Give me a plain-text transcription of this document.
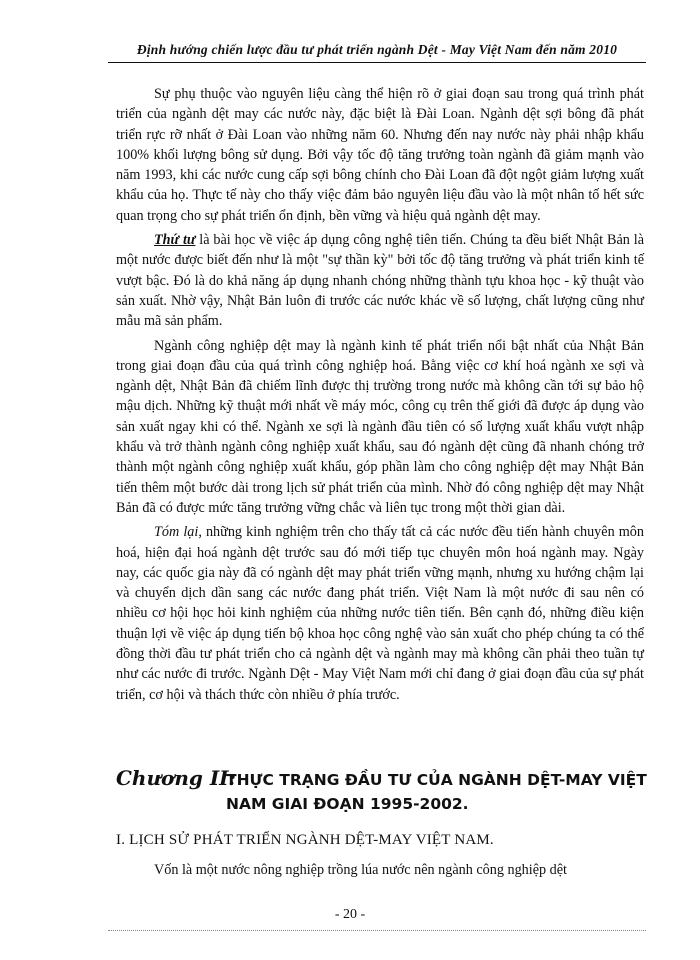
Định hướng chiến lược đầu tư phát triển ngành Dệt - May Việt Nam đến năm 2010

Sự phụ thuộc vào nguyên liệu càng thể hiện rõ ở giai đoạn sau trong quá trình phát triển của ngành dệt may các nước này, đặc biệt là Đài Loan. Ngành dệt sợi bông đã phát triển rực rỡ nhất ở Đài Loan vào những năm 60. Nhưng đến nay nước này phải nhập khẩu 100% khối lượng bông sử dụng. Bởi vậy tốc độ tăng trưởng toàn ngành đã giảm mạnh vào năm 1993, khi các nước cung cấp sợi bông chính cho Đài Loan đã đột ngột giảm lượng xuất khẩu của họ. Thực tế này cho thấy việc đảm bảo nguyên liệu đầu vào là một nhân tố hết sức quan trọng cho sự phát triển ổn định, bền vững và hiệu quả ngành dệt may.

Thứ tư là bài học về việc áp dụng công nghệ tiên tiến. Chúng ta đều biết Nhật Bản là một nước được biết đến như là một "sự thần kỳ" bởi tốc độ tăng trưởng và phát triển kinh tế vượt bậc. Đó là do khả năng áp dụng nhanh chóng những thành tựu khoa học - kỹ thuật vào sản xuất. Nhờ vậy, Nhật Bản luôn đi trước các nước khác về số lượng, chất lượng cũng như mẫu mã sản phẩm.

Ngành công nghiệp dệt may là ngành kinh tế phát triển nổi bật nhất của Nhật Bản trong giai đoạn đầu của quá trình công nghiệp hoá. Bằng việc cơ khí hoá ngành xe sợi và ngành dệt, Nhật Bản đã chiếm lĩnh được thị trường trong nước mà không cần tới sự bảo hộ mậu dịch. Những kỹ thuật mới nhất về máy móc, công cụ trên thế giới đã được áp dụng vào sản xuất ngay khi có thể. Ngành xe sợi là ngành đầu tiên có số lượng xuất khẩu vượt nhập khẩu và trở thành ngành công nghiệp xuất khẩu, sau đó ngành dệt cũng đã nhanh chóng trở thành một ngành công nghiệp xuất khẩu, góp phần làm cho công nghiệp dệt may Nhật Bản tiến thêm một bước dài trong lịch sử phát triển của mình. Nhờ đó công nghiệp dệt may Nhật Bản đã có được mức tăng trưởng vững chắc và liên tục trong một thời gian dài.

Tóm lại, những kinh nghiệm trên cho thấy tất cả các nước đều tiến hành chuyên môn hoá, hiện đại hoá ngành dệt trước sau đó mới tiếp tục chuyên môn hoá ngành may. Ngày nay, các quốc gia này đã có ngành dệt may phát triển vững mạnh, nhưng xu hướng chậm lại và chuyển dịch dần sang các nước đang phát triển. Việt Nam là một nước đi sau nên có nhiều cơ hội học hỏi kinh nghiệm của những nước tiên tiến. Bên cạnh đó, những điều kiện thuận lợi về việc áp dụng tiến bộ khoa học công nghệ vào sản xuất cho phép chúng ta có thể đồng thời đầu tư phát triển cho cả ngành dệt và ngành may mà không cần phải theo tuần tự như các nước đi trước. Ngành Dệt - May Việt Nam mới chỉ đang ở giai đoạn đầu của sự phát triển, cơ hội và thách thức còn nhiều ở phía trước.

Chương II:
THỰC TRẠNG ĐẦU TƯ CỦA NGÀNH DỆT-MAY VIỆT NAM GIAI ĐOẠN 1995-2002.
I. LỊCH SỬ PHÁT TRIỂN NGÀNH DỆT-MAY VIỆT NAM.

Vốn là một nước nông nghiệp trồng lúa nước nên ngành công nghiệp dệt

- 20 -
